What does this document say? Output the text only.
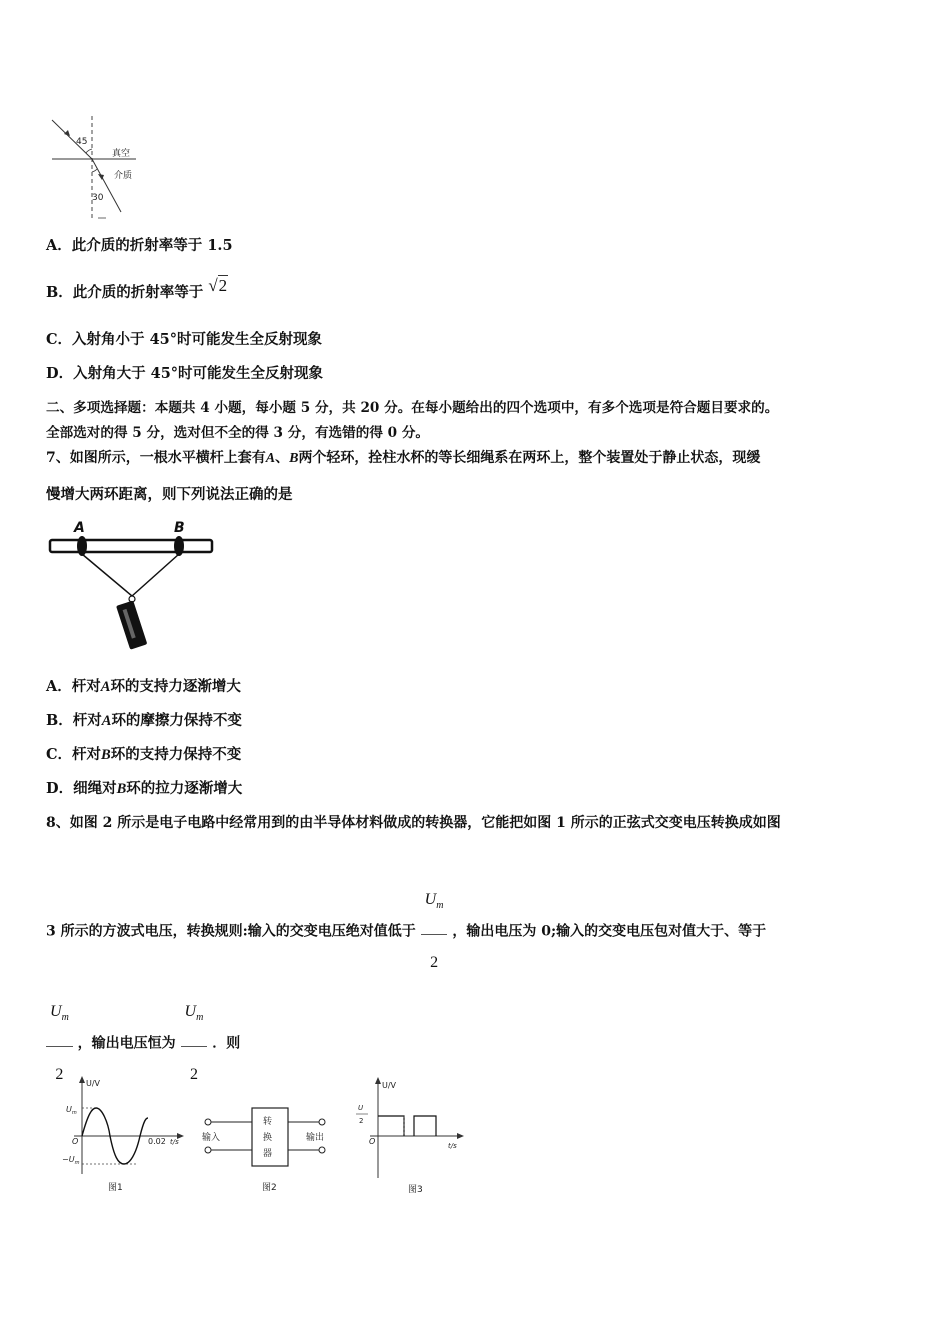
45
30
真空
介质
A．此介质的折射率等于 1.5
B．此介质的折射率等于 √2
C．入射角小于 45°时可能发生全反射现象
D．入射角大于 45°时可能发生全反射现象
二、多项选择题：本题共 4 小题，每小题 5 分，共 20 分。在每小题给出的四个选项中，有多个选项是符合题目要求的。
全部选对的得 5 分，选对但不全的得 3 分，有选错的得 0 分。
7、如图所示，一根水平横杆上套有A、B两个轻环，拴柱水杯的等长细绳系在两环上，整个装置处于静止状态，现缓
慢增大两环距离，则下列说法正确的是
A	B
A．杆对A环的支持力逐渐增大
B．杆对A环的摩擦力保持不变
C．杆对B环的支持力保持不变
D．细绳对B环的拉力逐渐增大
8、如图 2 所示是电子电路中经常用到的由半导体材料做成的转换器，它能把如图 1 所示的正弦式交变电压转换成如图
3 所示的方波式电压，转换规则:输入的交变电压绝对值低于 $\frac{U_m}{2}$ ，输出电压为 0;输入的交变电压包对值大于、等于
$\frac{U_m}{2}$ ，输出电压恒为 $\frac{U_m}{2}$ ．则
U/V
$U_m$
$-U_m$
O	0.02 t/s
图1
转
换
器
输入	输出
图2
U/V
U
2
O	t/s
图3
